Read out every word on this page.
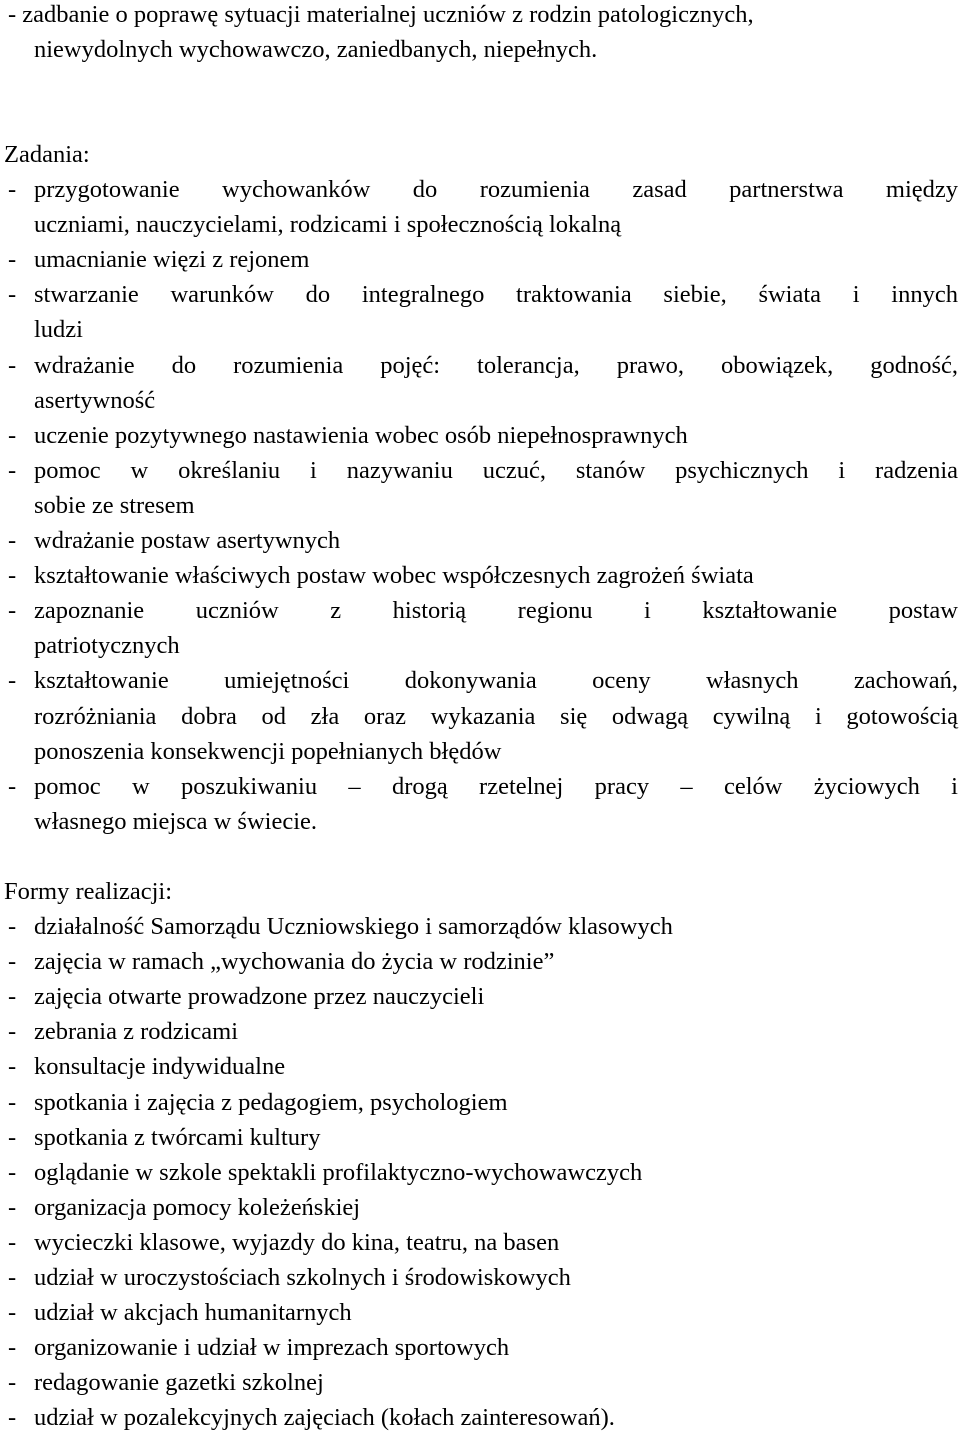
- zadbanie o poprawę sytuacji materialnej uczniów z rodzin patologicznych,
niewydolnych wychowawczo, zaniedbanych, niepełnych.
Zadania:
- przygotowanie wychowanków do rozumienia zasad partnerstwa między
uczniami, nauczycielami, rodzicami i społecznością lokalną
- umacnianie więzi z rejonem
- stwarzanie warunków do integralnego traktowania siebie, świata i innych
ludzi
- wdrażanie do rozumienia pojęć: tolerancja, prawo, obowiązek, godność,
asertywność
- uczenie pozytywnego nastawienia wobec osób niepełnosprawnych
- pomoc w określaniu i nazywaniu uczuć, stanów psychicznych i radzenia
sobie ze stresem
- wdrażanie postaw asertywnych
- kształtowanie właściwych postaw wobec współczesnych zagrożeń świata
- zapoznanie uczniów z historią regionu i kształtowanie postaw
patriotycznych
- kształtowanie umiejętności dokonywania oceny własnych zachowań,
rozróżniania dobra od zła oraz wykazania się odwagą cywilną i gotowością
ponoszenia konsekwencji popełnianych błędów
- pomoc w poszukiwaniu – drogą rzetelnej pracy – celów życiowych i
własnego miejsca w świecie.
Formy realizacji:
- działalność Samorządu Uczniowskiego i samorządów klasowych
- zajęcia w ramach „wychowania do życia w rodzinie”
- zajęcia otwarte prowadzone przez nauczycieli
- zebrania z rodzicami
- konsultacje indywidualne
- spotkania i zajęcia z pedagogiem, psychologiem
- spotkania z twórcami kultury
- oglądanie w szkole spektakli profilaktyczno-wychowawczych
- organizacja pomocy koleżeńskiej
- wycieczki klasowe, wyjazdy do kina, teatru, na basen
- udział w uroczystościach szkolnych i środowiskowych
- udział w akcjach humanitarnych
- organizowanie i udział w imprezach sportowych
- redagowanie gazetki szkolnej
- udział w pozalekcyjnych zajęciach (kołach zainteresowań).
